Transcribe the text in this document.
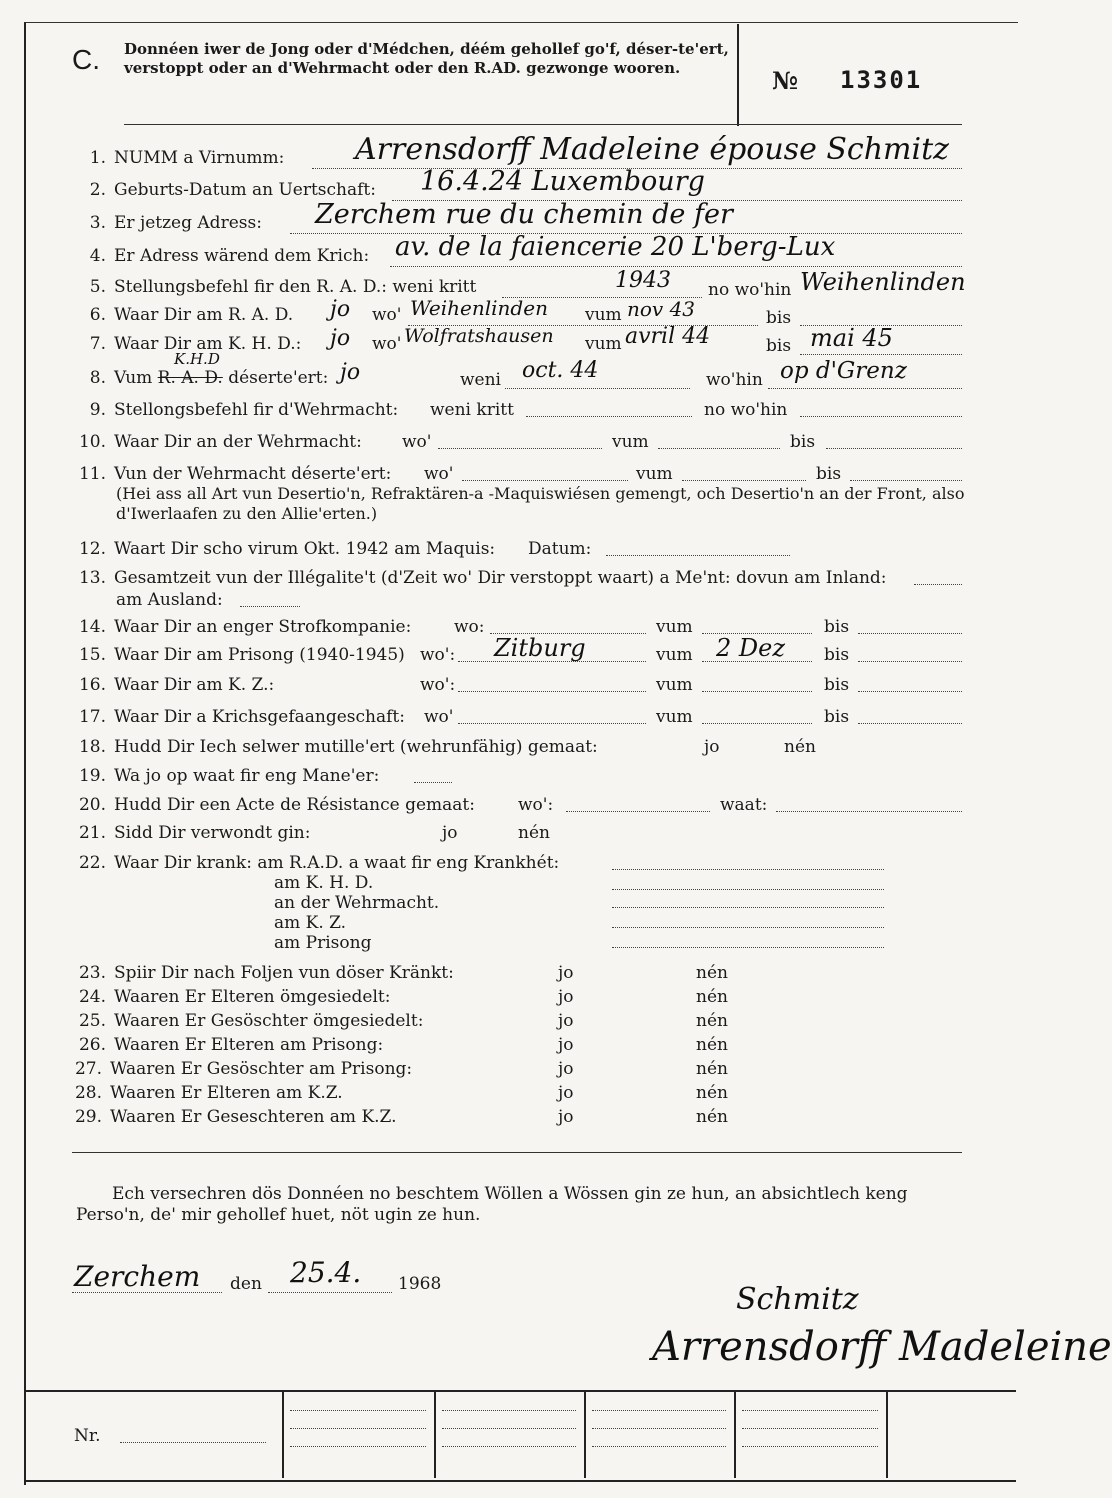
C. Donnéen iwer de Jong oder d'Médchen, déém gehollef go'f, déser-te'ert, verstoppt oder an d'Wehrmacht oder den R.AD. gezwonge wooren.	№ 13301
1. NUMM a Virnumm: Arrensdorff Madeleine épouse Schmitz
2. Geburts-Datum an Uertschaft: 16.4.24 Luxembourg
3. Er jetzeg Adress: Zerchem rue du chemin de fer
4. Er Adress wärend dem Krich: av. de la faiencerie 20 L'berg-Lux
5. Stellungsbefehl fir den R. A. D.: weni kritt	1943 no wo'hin Weihenlinden
6. Waar Dir am R. A. D. jo wo' Weihenlinden vum nov 43	bis
7. Waar Dir am K. H. D.: jo wo' Wolfratshausen vum avril 44	bis mai 45
K.H.D
8. Vum R. A. D. déserte'ert: jo	weni oct. 44	wo'hin op d'Grenz
9. Stellongsbefehl fir d'Wehrmacht: weni kritt	no wo'hin
10. Waar Dir an der Wehrmacht: wo'	vum	bis
11. Vun der Wehrmacht déserte'ert: wo'	vum	bis
(Hei ass all Art vun Desertio'n, Refraktären-a -Maquiswiésen gemengt, och Desertio'n an der Front, also d'Iwerlaafen zu den Allie'erten.)
12. Waart Dir scho virum Okt. 1942 am Maquis: Datum:
13. Gesamtzeit vun der Illégalite't (d'Zeit wo' Dir verstoppt waart) a Me'nt: dovun am Inland:
am Ausland:
14. Waar Dir an enger Strofkompanie:	wo:	vum	bis
15. Waar Dir am Prisong (1940-1945) wo': Zitburg	vum 2 Dez bis
16. Waar Dir am K. Z.:	wo':	vum	bis
17. Waar Dir a Krichsgefaangeschaft: wo'	vum	bis
18. Hudd Dir Iech selwer mutille'ert (wehrunfähig) gemaat:	jo	nén
19. Wa jo op waat fir eng Mane'er:
20. Hudd Dir een Acte de Résistance gemaat:	wo':	waat:
21. Sidd Dir verwondt gin:	jo	nén
22. Waar Dir krank: am R.A.D. a waat fir eng Krankhét:
am K. H. D.
an der Wehrmacht.
am K. Z.
am Prisong
23. Spiir Dir nach Foljen vun döser Kränkt:	jo	nén
24. Waaren Er Elteren ömgesiedelt:	jo	nén
25. Waaren Er Gesöschter ömgesiedelt:	jo	nén
26. Waaren Er Elteren am Prisong:	jo	nén
27. Waaren Er Gesöschter am Prisong:	jo	nén
28. Waaren Er Elteren am K.Z.	jo	nén
29. Waaren Er Geseschteren am K.Z.	jo	nén
Ech versechren dös Donnéen no beschtem Wöllen a Wössen gin ze hun, an absichtlech keng Perso'n, de' mir gehollef huet, nöt ugin ze hun.
Zerchem den 25.4. 1968	Schmitz
Arrensdorff Madeleine
Nr.
